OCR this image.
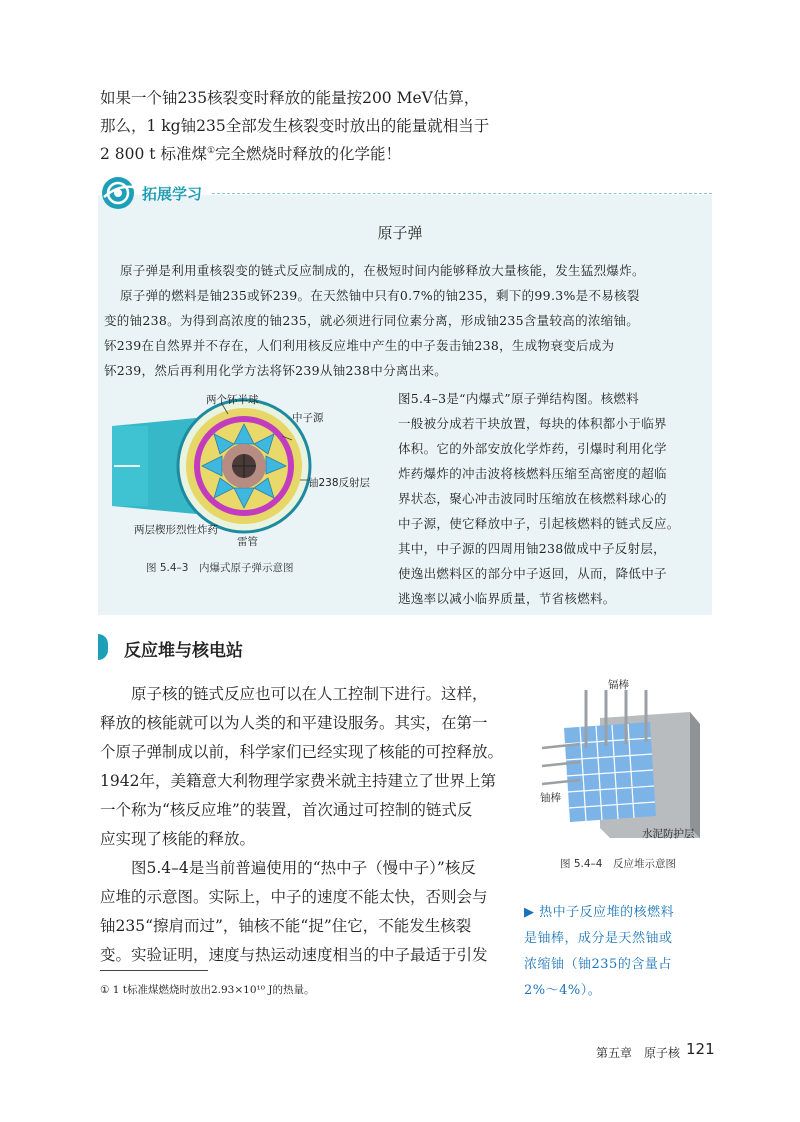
如果一个铀235核裂变时释放的能量按200 MeV估算，

那么，1 kg铀235全部发生核裂变时放出的能量就相当于

2 800 t 标准煤①完全燃烧时释放的化学能！

拓展学习
原子弹

原子弹是利用重核裂变的链式反应制成的，在极短时间内能够释放大量核能，发生猛烈爆炸。

原子弹的燃料是铀235或钚239。在天然铀中只有0.7%的铀235，剩下的99.3%是不易核裂

变的铀238。为得到高浓度的铀235，就必须进行同位素分离，形成铀235含量较高的浓缩铀。

钚239在自然界并不存在，人们利用核反应堆中产生的中子轰击铀238，生成物衰变后成为

钚239，然后再利用化学方法将钚239从铀238中分离出来。

两个钚半球
中子源
铀238反射层
两层楔形烈性炸药
雷管
图 5.4–3　内爆式原子弹示意图

图5.4–3是“内爆式”原子弹结构图。核燃料

一般被分成若干块放置，每块的体积都小于临界

体积。它的外部安放化学炸药，引爆时利用化学

炸药爆炸的冲击波将核燃料压缩至高密度的超临

界状态，聚心冲击波同时压缩放在核燃料球心的

中子源，使它释放中子，引起核燃料的链式反应。

其中，中子源的四周用铀238做成中子反射层，

使逸出燃料区的部分中子返回，从而，降低中子

逃逸率以减小临界质量，节省核燃料。

反应堆与核电站

　　原子核的链式反应也可以在人工控制下进行。这样，

释放的核能就可以为人类的和平建设服务。其实，在第一

个原子弹制成以前，科学家们已经实现了核能的可控释放。

1942年，美籍意大利物理学家费米就主持建立了世界上第

一个称为“核反应堆”的装置，首次通过可控制的链式反

应实现了核能的释放。

　　图5.4–4是当前普遍使用的“热中子（慢中子）”核反

应堆的示意图。实际上，中子的速度不能太快，否则会与

铀235“擦肩而过”，铀核不能“捉”住它，不能发生核裂

变。实验证明，速度与热运动速度相当的中子最适于引发

镉棒
铀棒
水泥防护层
图 5.4–4　反应堆示意图

▶ 热中子反应堆的核燃料

是铀棒，成分是天然铀或

浓缩铀（铀235的含量占

2%～4%）。

① 1 t标准煤燃烧时放出2.93×10¹⁰ J的热量。
第五章　原子核 121
